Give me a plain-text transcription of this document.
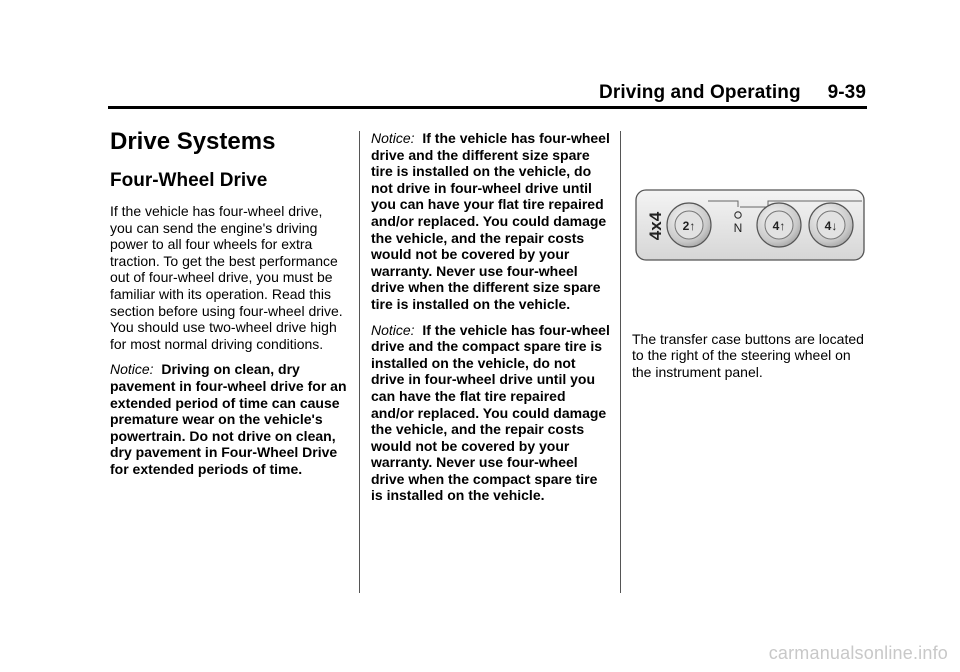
Driving and Operating 9-39
Drive Systems
Four-Wheel Drive

If the vehicle has four-wheel drive, you can send the engine's driving power to all four wheels for extra traction. To get the best performance out of four-wheel drive, you must be familiar with its operation. Read this section before using four-wheel drive. You should use two-wheel drive high for most normal driving conditions.

Notice: Driving on clean, dry pavement in four-wheel drive for an extended period of time can cause premature wear on the vehicle's powertrain. Do not drive on clean, dry pavement in Four-Wheel Drive for extended periods of time.

Notice: If the vehicle has four-wheel drive and the different size spare tire is installed on the vehicle, do not drive in four-wheel drive until you can have your flat tire repaired and/or replaced. You could damage the vehicle, and the repair costs would not be covered by your warranty. Never use four-wheel drive when the different size spare tire is installed on the vehicle.

Notice: If the vehicle has four-wheel drive and the compact spare tire is installed on the vehicle, do not drive in four-wheel drive until you can have the flat tire repaired and/or replaced. You could damage the vehicle, and the repair costs would not be covered by your warranty. Never use four-wheel drive when the compact spare tire is installed on the vehicle.

4x4 2↑	N	4↑	4↓

The transfer case buttons are located to the right of the steering wheel on the instrument panel.

carmanualsonline.info
